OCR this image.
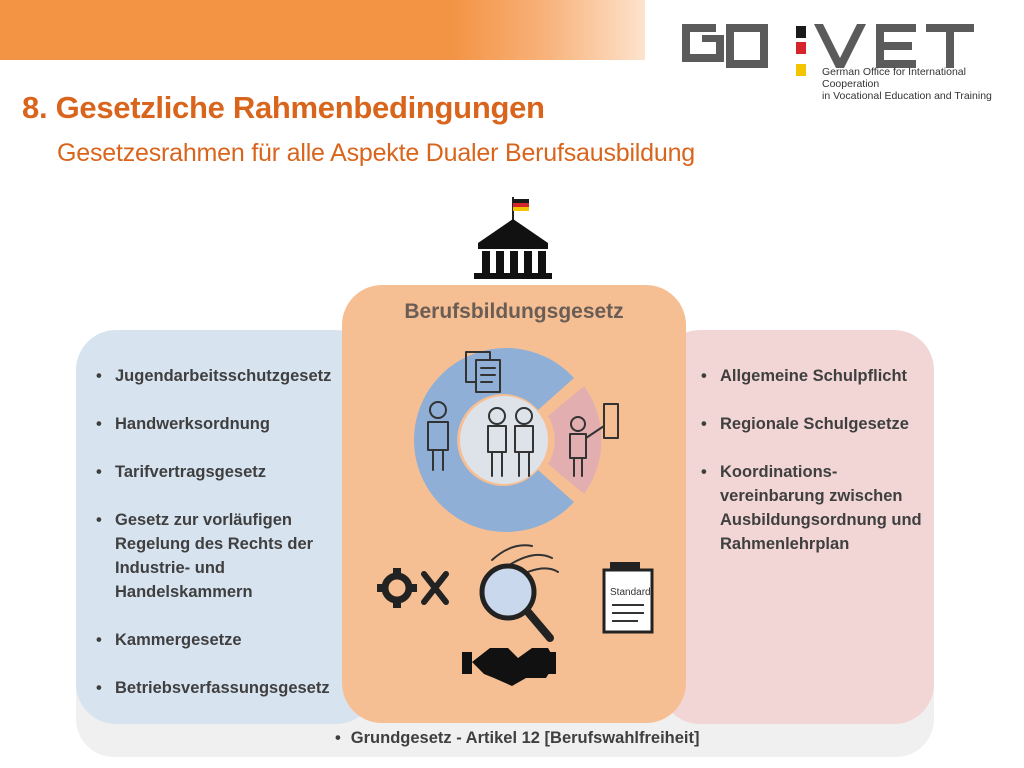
German Office for International Cooperation
in Vocational Education and Training
8. Gesetzliche Rahmenbedingungen
Gesetzesrahmen für alle Aspekte Dualer Berufsausbildung
Berufsbildungsgesetz
• Jugendarbeitsschutzgesetz
• Handwerksordnung
• Tarifvertragsgesetz
• Gesetz zur vorläufigen Regelung des Rechts der Industrie- und Handelskammern
• Kammergesetze
• Betriebsverfassungsgesetz
• Allgemeine Schulpflicht
• Regionale Schulgesetze
• Koordinations-vereinbarung zwischen Ausbildungsordnung und Rahmenlehrplan
Standard
• Grundgesetz - Artikel 12 [Berufswahlfreiheit]
